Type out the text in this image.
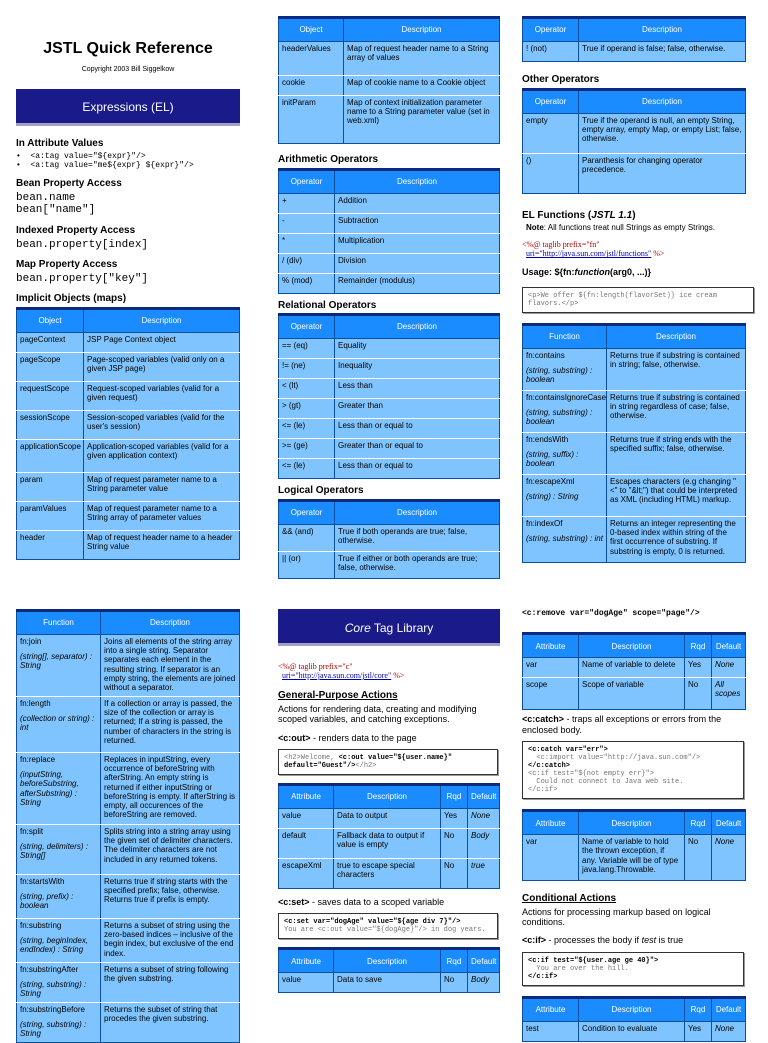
JSTL Quick Reference
Copyright 2003 Bill Siggelkow
Expressions (EL)
In Attribute Values
•  <a:tag value="${expr}"/>
•  <a:tag value="me${expr} ${expr}"/>
Bean Property Access
bean.name
bean["name"]
Indexed Property Access
bean.property[index]
Map Property Access
bean.property["key"]
Implicit Objects (maps)
Object	Description
pageContext	JSP Page Context object
pageScope	Page-scoped variables (valid only on a given JSP page)
requestScope	Request-scoped variables (valid for a given request)
sessionScope	Session-scoped variables (valid for the user's session)
applicationScope	Application-scoped variables (valid for a given application context)
param	Map of request parameter name to a String parameter value
paramValues	Map of request parameter name to a String array of parameter values
header	Map of request header name to a header String value
Object	Description
headerValues	Map of request header name to a String array of values
cookie	Map of cookie name to a Cookie object
initParam	Map of context initialization parameter name to a String parameter value (set in web.xml)
Arithmetic Operators
Operator	Description
+	Addition
-	Subtraction
*	Multiplication
/ (div)	Division
% (mod)	Remainder (modulus)
Relational Operators
Operator	Description
== (eq)	Equality
!= (ne)	Inequality
< (lt)	Less than
> (gt)	Greater than
<= (le)	Less than or equal to
>= (ge)	Greater than or equal to
<= (le)	Less than or equal to
Logical Operators
Operator	Description
&& (and)	True if both operands are true; false, otherwise.
|| (or)	True if either or both operands are true; false, otherwise.
Operator	Description
! (not)	True if operand is false; false, otherwise.
Other Operators
Operator	Description
empty	True if the operand is null, an empty String, empty array, empty Map, or empty List; false, otherwise.
()	Paranthesis for changing operator precedence.
EL Functions (JSTL 1.1)
Note: All functions treat null Strings as empty Strings.
<%@ taglib prefix="fn"
uri="http://java.sun.com/jstl/functions" %>
Usage: ${fn:function(arg0, ...)}
<p>We offer ${fn:length(flavorSet)} ice cream flavors.</p>
Function	Description

fn:contains
(string, substring) : boolean	Returns true if substring is contained in string; false, otherwise.

fn:containsIgnoreCase
(string, substring) : boolean	Returns true if substring is contained in string regardless of case; false, otherwise.

fn:endsWith
(string, suffix) : boolean	Returns true if string ends with the specified suffix; false, otherwise.

fn:escapeXml
(string) : String	Escapes characters (e.g changing "<" to "&lt;") that could be interpreted as XML (including HTML) markup.

fn:indexOf
(string, substring) : int	Returns an integer representing the 0-based index within string of the first occurrence of substring. If substring is empty, 0 is returned.
Function	Description

fn:join
(string[], separator) : String	Joins all elements of the string array into a single string. Separator separates each element in the resulting string. If separator is an empty string, the elements are joined without a separator.

fn:length
(collection or string) : int	If a collection or array is passed, the size of the collection or array is returned; If a string is passed, the number of characters in the string is returned.

fn:replace
(inputString, beforeSubstring, afterSubstring) : String	Replaces in inputString, every occurrence of beforeString with afterString. An empty string is returned if either inputString or beforeString is empty. If afterString is empty, all occurences of the beforeString are removed.

fn:split
(string, delimiters) : String[]	Splits string into a string array using the given set of delimiter characters. The delimiter characters are not included in any returned tokens.

fn:startsWith
(string, prefix) : boolean	Returns true if string starts with the specified prefix; false, otherwise. Returns true if prefix is empty.

fn:substring
(string, beginIndex, endIndex) : String	Returns a subset of string using the zero-based indices – inclusive of the begin index, but exclusive of the end index.

fn:substringAfter
(string, substring) : String	Returns a subset of string following the given substring.

fn:substringBefore
(string, substring) : String	Returns the subset of string that procedes the given substring.
Core Tag Library
<%@ taglib prefix="c"
uri="http://java.sun.com/jstl/core" %>
General-Purpose Actions
Actions for rendering data, creating and modifying scoped variables, and catching exceptions.
<c:out> - renders data to the page
<h2>Welcome, <c:out value="${user.name}"
default="Guest"/></h2>
Attribute	Description	Rqd	Default
value	Data to output	Yes	None
default	Fallback data to output if value is empty	No	Body
escapeXml	true to escape special characters	No	true
<c:set> - saves data to a scoped variable
<c:set var="dogAge" value="${age div 7}"/>
You are <c:out value="${dogAge}"/> in dog years.
Attribute	Description	Rqd	Default
value	Data to save	No	Body
<c:remove var="dogAge" scope="page"/>
Attribute	Description	Rqd	Default
var	Name of variable to delete	Yes	None
scope	Scope of variable	No	All scopes
<c:catch> - traps all exceptions or errors from the enclosed body.
<c:catch var="err">
<c:import value="http://java.sun.com"/>
</c:catch>
<c:if test="${not empty err}">
Could not connect to Java web site.
</c:if>
Attribute	Description	Rqd	Default
var	Name of variable to hold the thrown exception, if any. Variable will be of type java.lang.Throwable.	No	None
Conditional Actions
Actions for processing markup based on logical conditions.
<c:if> - processes the body if test is true
<c:if test="${user.age ge 40}">
You are over the hill.
</c:if>
Attribute	Description	Rqd	Default
test	Condition to evaluate	Yes	None
